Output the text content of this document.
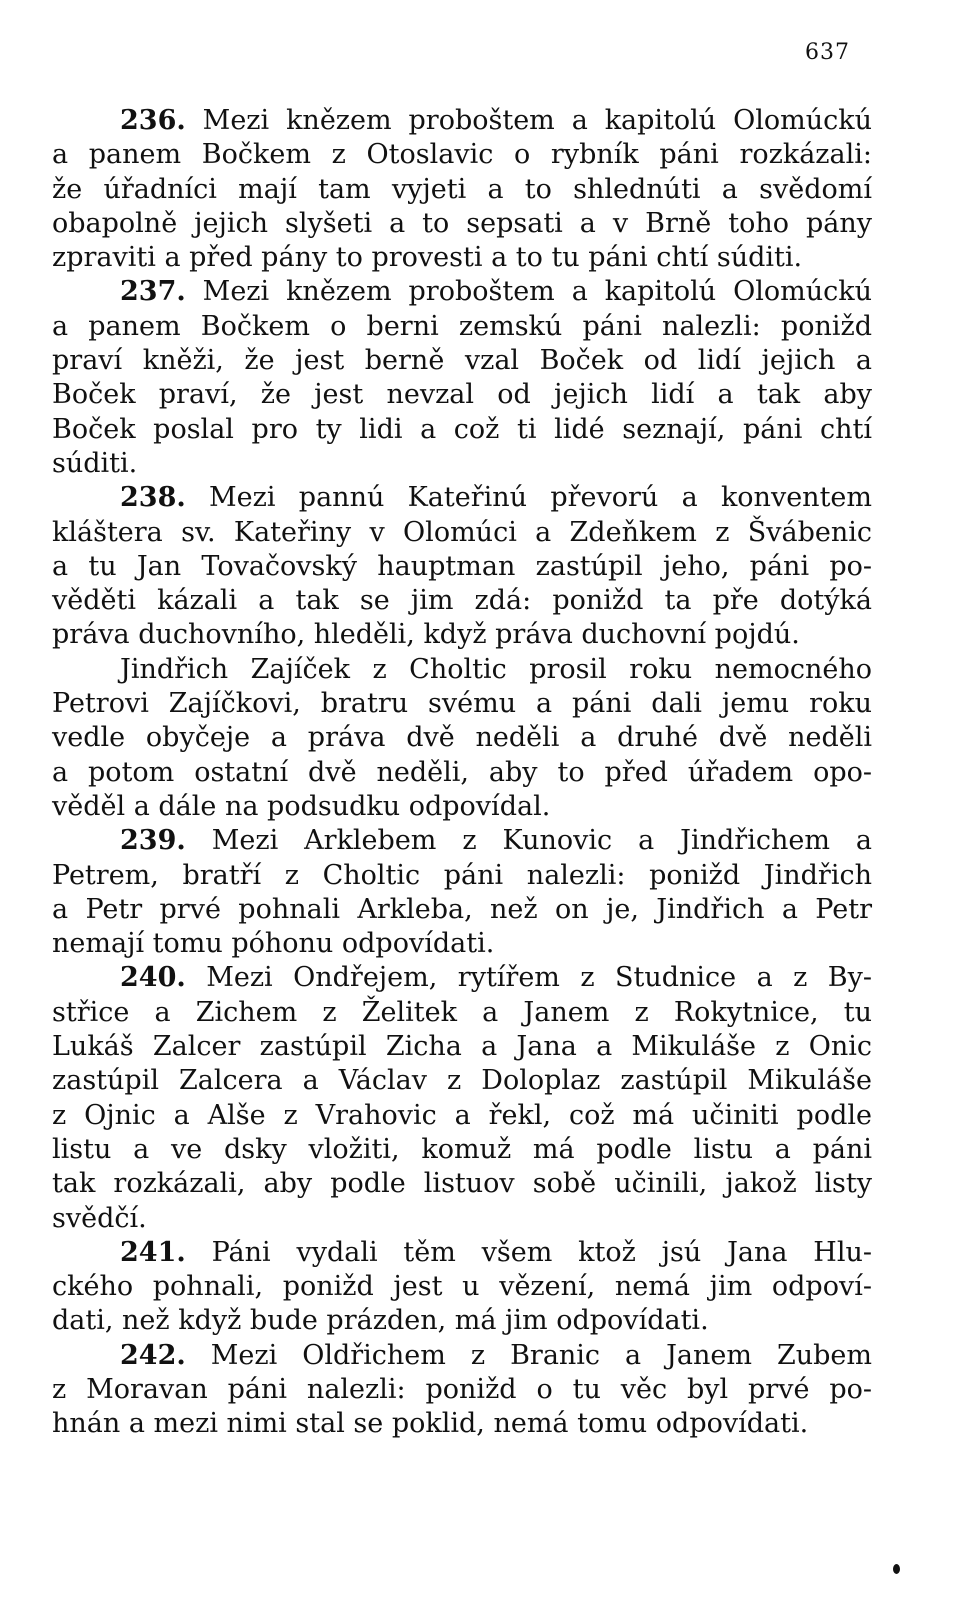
637
236. Mezi knězem proboštem a kapitolú Olomúckú
a panem Bočkem z Otoslavic o rybník páni rozkázali:
že úřadníci mají tam vyjeti a to shlednúti a svědomí
obapolně jejich slyšeti a to sepsati a v Brně toho pány
zpraviti a před pány to provesti a to tu páni chtí súditi.
237. Mezi knězem proboštem a kapitolú Olomúckú
a panem Bočkem o berni zemskú páni nalezli: ponižd
praví kněži, že jest berně vzal Boček od lidí jejich a
Boček praví, že jest nevzal od jejich lidí a tak aby
Boček poslal pro ty lidi a což ti lidé seznají, páni chtí
súditi.
238. Mezi pannú Kateřinú převorú a konventem
kláštera sv. Kateřiny v Olomúci a Zdeňkem z Švábenic
a tu Jan Tovačovský hauptman zastúpil jeho, páni po-
věděti kázali a tak se jim zdá: ponižd ta pře dotýká
práva duchovního, hleděli, když práva duchovní pojdú.
Jindřich Zajíček z Choltic prosil roku nemocného
Petrovi Zajíčkovi, bratru svému a páni dali jemu roku
vedle obyčeje a práva dvě neděli a druhé dvě neděli
a potom ostatní dvě neděli, aby to před úřadem opo-
věděl a dále na podsudku odpovídal.
239. Mezi Arklebem z Kunovic a Jindřichem a
Petrem, bratří z Choltic páni nalezli: ponižd Jindřich
a Petr prvé pohnali Arkleba, než on je, Jindřich a Petr
nemají tomu póhonu odpovídati.
240. Mezi Ondřejem, rytířem z Studnice a z By-
střice a Zichem z Želitek a Janem z Rokytnice, tu
Lukáš Zalcer zastúpil Zicha a Jana a Mikuláše z Onic
zastúpil Zalcera a Václav z Doloplaz zastúpil Mikuláše
z Ojnic a Alše z Vrahovic a řekl, což má učiniti podle
listu a ve dsky vložiti, komuž má podle listu a páni
tak rozkázali, aby podle listuov sobě učinili, jakož listy
svědčí.
241. Páni vydali těm všem ktož jsú Jana Hlu-
ckého pohnali, ponižd jest u vězení, nemá jim odpoví-
dati, než když bude prázden, má jim odpovídati.
242. Mezi Oldřichem z Branic a Janem Zubem
z Moravan páni nalezli: ponižd o tu věc byl prvé po-
hnán a mezi nimi stal se poklid, nemá tomu odpovídati.
